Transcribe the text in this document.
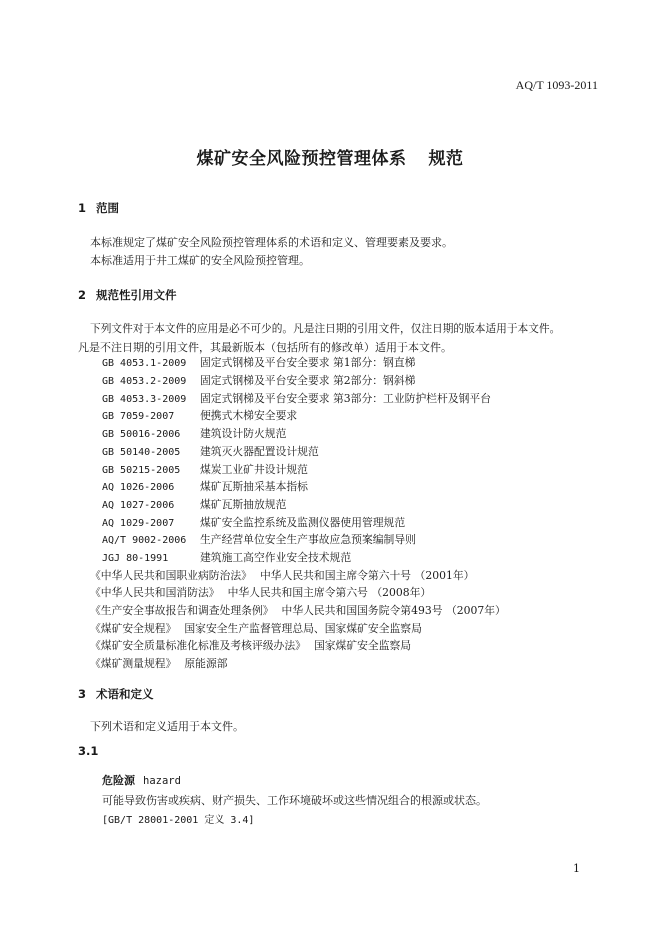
AQ/T 1093-2011
煤矿安全风险预控管理体系 规范
1 范围
本标准规定了煤矿安全风险预控管理体系的术语和定义、管理要素及要求。
本标准适用于井工煤矿的安全风险预控管理。
2 规范性引用文件
下列文件对于本文件的应用是必不可少的。凡是注日期的引用文件，仅注日期的版本适用于本文件。
凡是不注日期的引用文件，其最新版本（包括所有的修改单）适用于本文件。
GB 4053.1-2009 固定式钢梯及平台安全要求 第1部分：钢直梯
GB 4053.2-2009 固定式钢梯及平台安全要求 第2部分：钢斜梯
GB 4053.3-2009 固定式钢梯及平台安全要求 第3部分：工业防护栏杆及钢平台
GB 7059-2007 便携式木梯安全要求
GB 50016-2006 建筑设计防火规范
GB 50140-2005 建筑灭火器配置设计规范
GB 50215-2005 煤炭工业矿井设计规范
AQ 1026-2006 煤矿瓦斯抽采基本指标
AQ 1027-2006 煤矿瓦斯抽放规范
AQ 1029-2007 煤矿安全监控系统及监测仪器使用管理规范
AQ/T 9002-2006 生产经营单位安全生产事故应急预案编制导则
JGJ 80-1991	建筑施工高空作业安全技术规范
《中华人民共和国职业病防治法》 中华人民共和国主席令第六十号 （2001年）
《中华人民共和国消防法》 中华人民共和国主席令第六号 （2008年）
《生产安全事故报告和调查处理条例》 中华人民共和国国务院令第493号 （2007年）
《煤矿安全规程》 国家安全生产监督管理总局、国家煤矿安全监察局
《煤矿安全质量标准化标准及考核评级办法》 国家煤矿安全监察局
《煤矿测量规程》 原能源部
3 术语和定义
下列术语和定义适用于本文件。
3.1
危险源 hazard
可能导致伤害或疾病、财产损失、工作环境破坏或这些情况组合的根源或状态。
[GB/T 28001-2001 定义 3.4]
1
